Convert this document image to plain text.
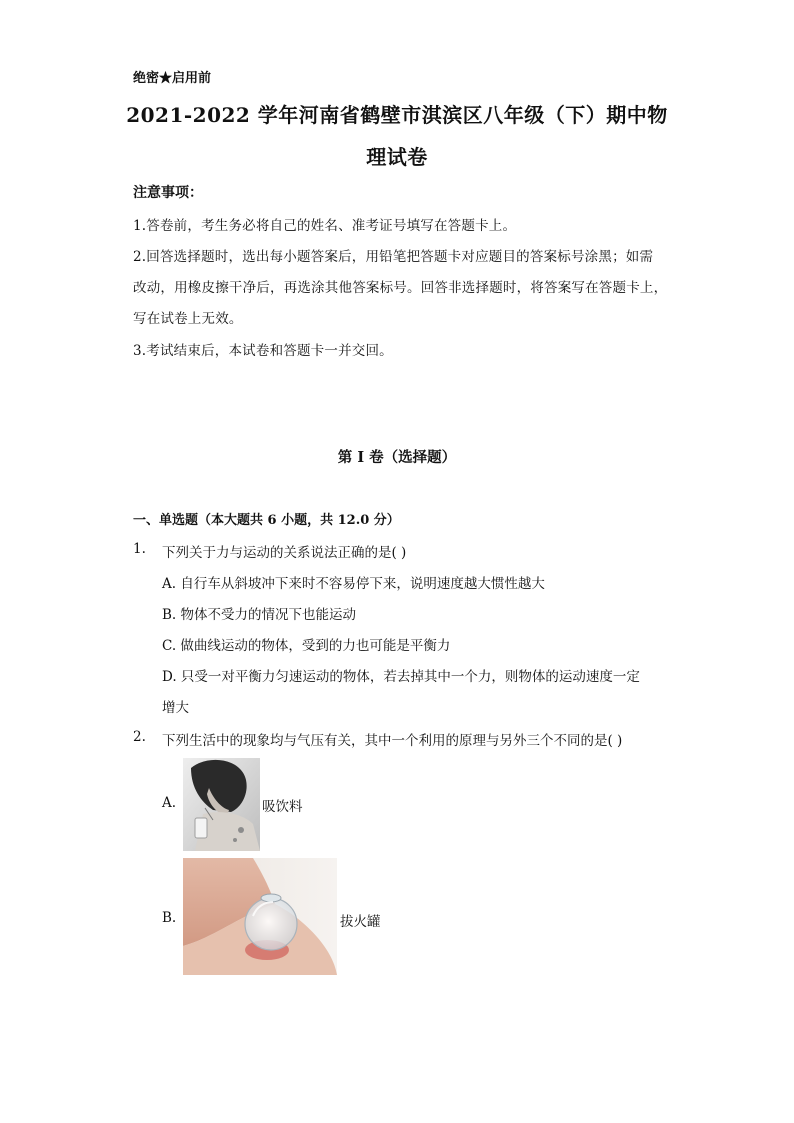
绝密★启用前
2021-2022 学年河南省鹤壁市淇滨区八年级（下）期中物
理试卷
注意事项：
1.答卷前，考生务必将自己的姓名、准考证号填写在答题卡上。
2.回答选择题时，选出每小题答案后，用铅笔把答题卡对应题目的答案标号涂黑；如需
改动，用橡皮擦干净后，再选涂其他答案标号。回答非选择题时，将答案写在答题卡上，
写在试卷上无效。
3.考试结束后，本试卷和答题卡一并交回。
第 I 卷（选择题）
一、单选题（本大题共 6 小题，共 12.0 分）
1. 下列关于力与运动的关系说法正确的是( )
A. 自行车从斜坡冲下来时不容易停下来，说明速度越大惯性越大
B. 物体不受力的情况下也能运动
C. 做曲线运动的物体，受到的力也可能是平衡力
D. 只受一对平衡力匀速运动的物体，若去掉其中一个力，则物体的运动速度一定
增大
2. 下列生活中的现象均与气压有关，其中一个利用的原理与另外三个不同的是( )
A.	吸饮料
B.	拔火罐
